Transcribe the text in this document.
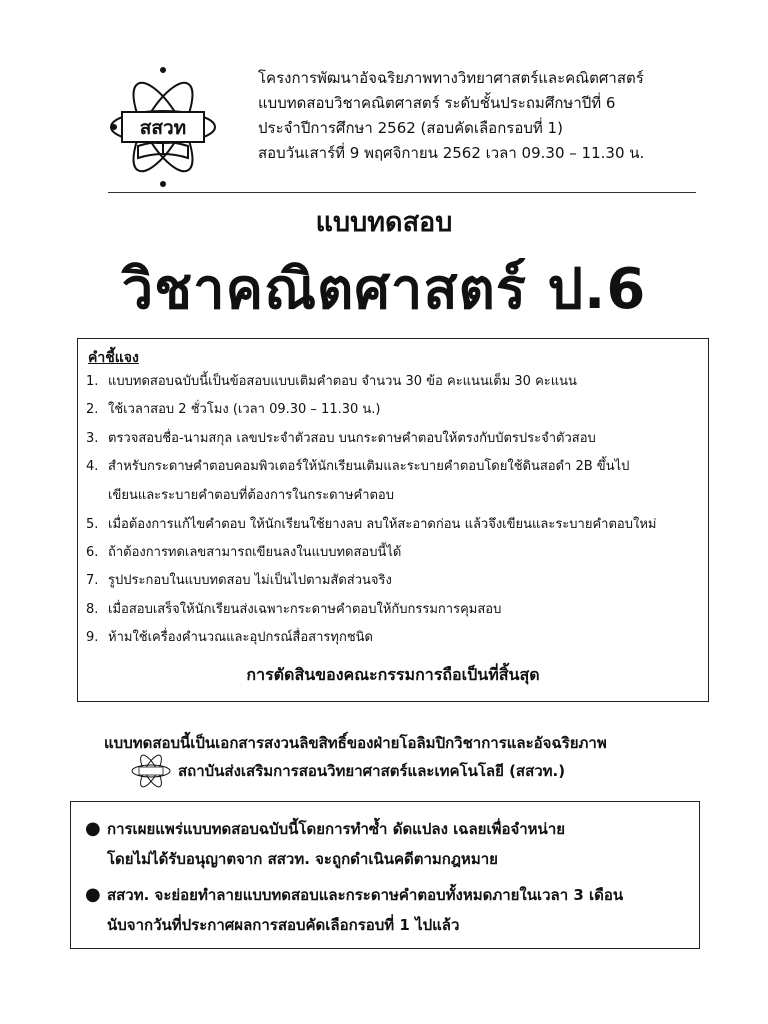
สสวท
โครงการพัฒนาอัจฉริยภาพทางวิทยาศาสตร์และคณิตศาสตร์
แบบทดสอบวิชาคณิตศาสตร์ ระดับชั้นประถมศึกษาปีที่ 6
ประจำปีการศึกษา 2562 (สอบคัดเลือกรอบที่ 1)
สอบวันเสาร์ที่ 9 พฤศจิกายน 2562 เวลา 09.30 – 11.30 น.
แบบทดสอบ
วิชาคณิตศาสตร์ ป.6
คำชี้แจง
1. แบบทดสอบฉบับนี้เป็นข้อสอบแบบเติมคำตอบ จำนวน 30 ข้อ คะแนนเต็ม 30 คะแนน
2. ใช้เวลาสอบ 2 ชั่วโมง (เวลา 09.30 – 11.30 น.)
3. ตรวจสอบชื่อ-นามสกุล เลขประจำตัวสอบ บนกระดาษคำตอบให้ตรงกับบัตรประจำตัวสอบ
4. สำหรับกระดาษคำตอบคอมพิวเตอร์ให้นักเรียนเติมและระบายคำตอบโดยใช้ดินสอดำ 2B ขึ้นไป
เขียนและระบายคำตอบที่ต้องการในกระดาษคำตอบ
5. เมื่อต้องการแก้ไขคำตอบ ให้นักเรียนใช้ยางลบ ลบให้สะอาดก่อน แล้วจึงเขียนและระบายคำตอบใหม่
6. ถ้าต้องการทดเลขสามารถเขียนลงในแบบทดสอบนี้ได้
7. รูปประกอบในแบบทดสอบ ไม่เป็นไปตามสัดส่วนจริง
8. เมื่อสอบเสร็จให้นักเรียนส่งเฉพาะกระดาษคำตอบให้กับกรรมการคุมสอบ
9. ห้ามใช้เครื่องคำนวณและอุปกรณ์สื่อสารทุกชนิด
การตัดสินของคณะกรรมการถือเป็นที่สิ้นสุด
แบบทดสอบนี้เป็นเอกสารสงวนลิขสิทธิ์ของฝ่ายโอลิมปิกวิชาการและอัจฉริยภาพ
สถาบันส่งเสริมการสอนวิทยาศาสตร์และเทคโนโลยี (สสวท.)
● การเผยแพร่แบบทดสอบฉบับนี้โดยการทำซ้ำ ดัดแปลง เฉลยเพื่อจำหน่าย
โดยไม่ได้รับอนุญาตจาก สสวท. จะถูกดำเนินคดีตามกฎหมาย
● สสวท. จะย่อยทำลายแบบทดสอบและกระดาษคำตอบทั้งหมดภายในเวลา 3 เดือน
นับจากวันที่ประกาศผลการสอบคัดเลือกรอบที่ 1 ไปแล้ว
